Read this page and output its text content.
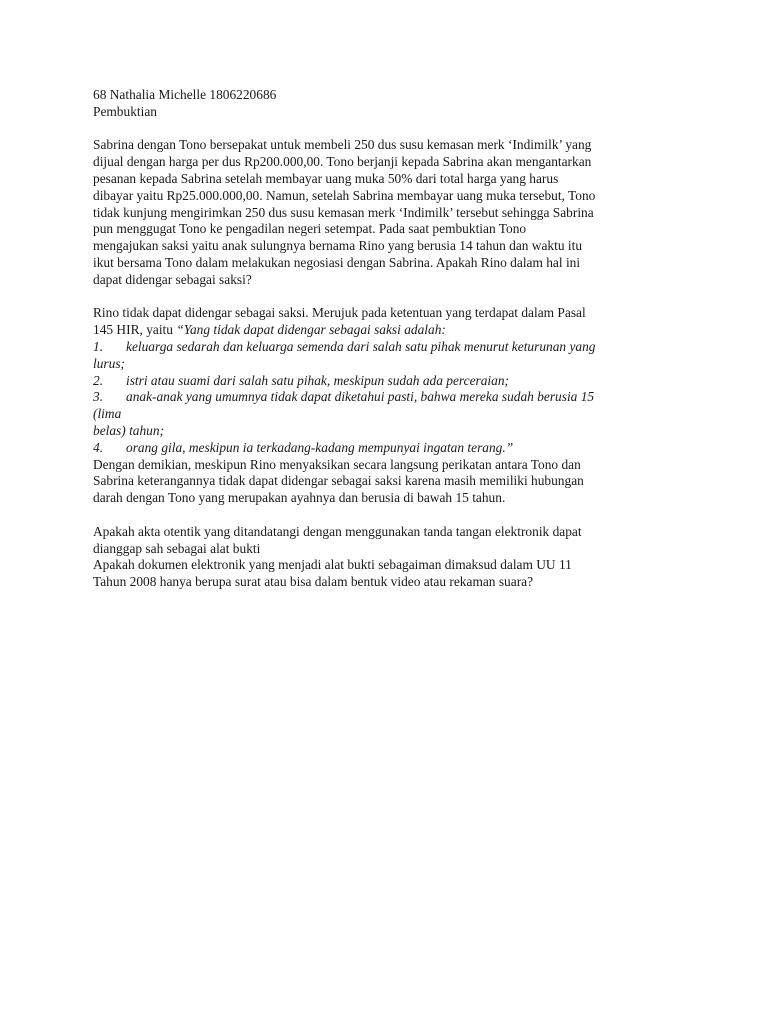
68 Nathalia Michelle 1806220686
Pembuktian
Sabrina dengan Tono bersepakat untuk membeli 250 dus susu kemasan merk ‘Indimilk’ yang
dijual dengan harga per dus Rp200.000,00. Tono berjanji kepada Sabrina akan mengantarkan
pesanan kepada Sabrina setelah membayar uang muka 50% dari total harga yang harus
dibayar yaitu Rp25.000.000,00. Namun, setelah Sabrina membayar uang muka tersebut, Tono
tidak kunjung mengirimkan 250 dus susu kemasan merk ‘Indimilk’ tersebut sehingga Sabrina
pun menggugat Tono ke pengadilan negeri setempat. Pada saat pembuktian Tono
mengajukan saksi yaitu anak sulungnya bernama Rino yang berusia 14 tahun dan waktu itu
ikut bersama Tono dalam melakukan negosiasi dengan Sabrina. Apakah Rino dalam hal ini
dapat didengar sebagai saksi?
Rino tidak dapat didengar sebagai saksi. Merujuk pada ketentuan yang terdapat dalam Pasal
145 HIR, yaitu “Yang tidak dapat didengar sebagai saksi adalah:
1. keluarga sedarah dan keluarga semenda dari salah satu pihak menurut keturunan yang
lurus;
2. istri atau suami dari salah satu pihak, meskipun sudah ada perceraian;
3. anak-anak yang umumnya tidak dapat diketahui pasti, bahwa mereka sudah berusia 15
(lima
belas) tahun;
4. orang gila, meskipun ia terkadang-kadang mempunyai ingatan terang.”
Dengan demikian, meskipun Rino menyaksikan secara langsung perikatan antara Tono dan
Sabrina keterangannya tidak dapat didengar sebagai saksi karena masih memiliki hubungan
darah dengan Tono yang merupakan ayahnya dan berusia di bawah 15 tahun.
Apakah akta otentik yang ditandatangi dengan menggunakan tanda tangan elektronik dapat
dianggap sah sebagai alat bukti
Apakah dokumen elektronik yang menjadi alat bukti sebagaiman dimaksud dalam UU 11
Tahun 2008 hanya berupa surat atau bisa dalam bentuk video atau rekaman suara?
